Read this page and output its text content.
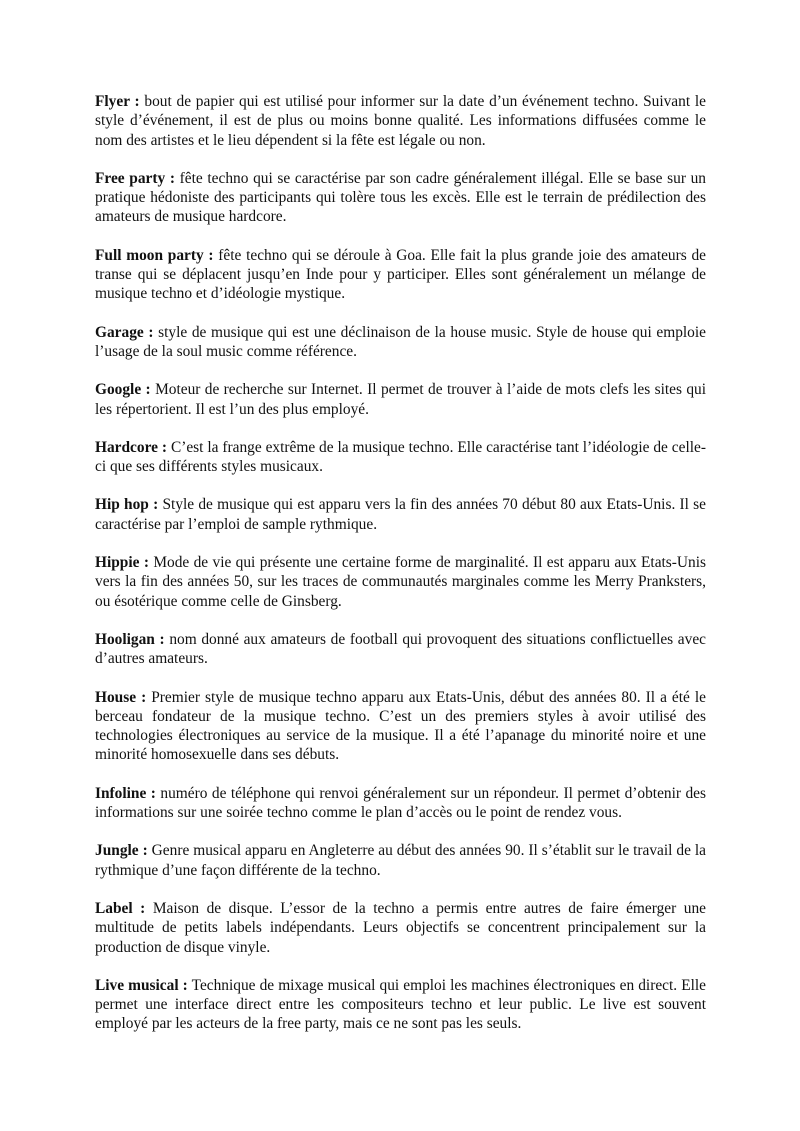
Flyer : bout de papier qui est utilisé pour informer sur la date d’un événement techno. Suivant le style d’événement, il est de plus ou moins bonne qualité. Les informations diffusées comme le nom des artistes et le lieu dépendent si la fête est légale ou non.

Free party : fête techno qui se caractérise par son cadre généralement illégal. Elle se base sur un pratique hédoniste des participants qui tolère tous les excès. Elle est le terrain de prédilection des amateurs de musique hardcore.

Full moon party : fête techno qui se déroule à Goa. Elle fait la plus grande joie des amateurs de transe qui se déplacent jusqu’en Inde pour y participer. Elles sont généralement un mélange de musique techno et d’idéologie mystique.

Garage : style de musique qui est une déclinaison de la house music. Style de house qui emploie l’usage de la soul music comme référence.

Google : Moteur de recherche sur Internet. Il permet de trouver à l’aide de mots clefs les sites qui les répertorient. Il est l’un des plus employé.

Hardcore : C’est la frange extrême de la musique techno. Elle caractérise tant l’idéologie de celle-ci que ses différents styles musicaux.

Hip hop : Style de musique qui est apparu vers la fin des années 70 début 80 aux Etats-Unis. Il se caractérise par l’emploi de sample rythmique.

Hippie : Mode de vie qui présente une certaine forme de marginalité. Il est apparu aux Etats-Unis vers la fin des années 50, sur les traces de communautés marginales comme les Merry Pranksters, ou ésotérique comme celle de Ginsberg.

Hooligan : nom donné aux amateurs de football qui provoquent des situations conflictuelles avec d’autres amateurs.

House : Premier style de musique techno apparu aux Etats-Unis, début des années 80. Il a été le berceau fondateur de la musique techno. C’est un des premiers styles à avoir utilisé des technologies électroniques au service de la musique. Il a été l’apanage du minorité noire et une minorité homosexuelle dans ses débuts.

Infoline : numéro de téléphone qui renvoi généralement sur un répondeur. Il permet d’obtenir des informations sur une soirée techno comme le plan d’accès ou le point de rendez vous.

Jungle : Genre musical apparu en Angleterre au début des années 90. Il s’établit sur le travail de la rythmique d’une façon différente de la techno.

Label : Maison de disque. L’essor de la techno a permis entre autres de faire émerger une multitude de petits labels indépendants. Leurs objectifs se concentrent principalement sur la production de disque vinyle.

Live musical : Technique de mixage musical qui emploi les machines électroniques en direct. Elle permet une interface direct entre les compositeurs techno et leur public. Le live est souvent employé par les acteurs de la free party, mais ce ne sont pas les seuls.
